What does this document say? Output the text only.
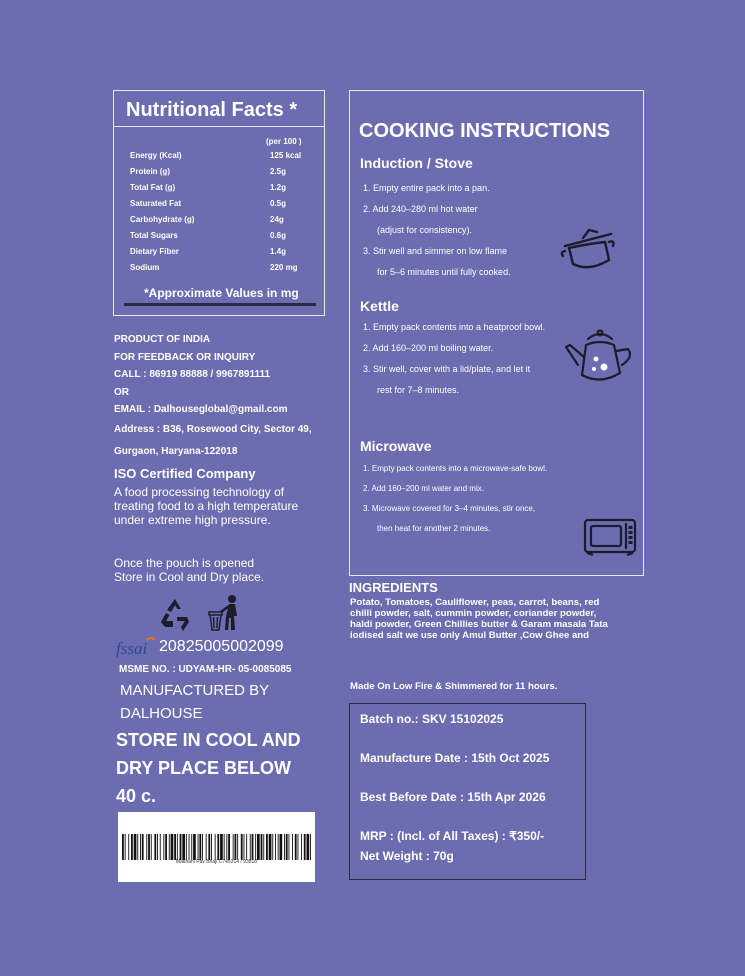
Nutritional Facts *
(per 100 )
Energy (Kcal)	125 kcal
Protein (g)	2.5g
Total Fat (g)	1.2g
Saturated Fat	0.5g
Carbohydrate (g)	24g
Total Sugars	0.6g
Dietary Fiber	1.4g
Sodium	220 mg
*Approximate Values in mg
PRODUCT OF INDIA
FOR FEEDBACK OR INQUIRY
CALL : 86919 88888 / 9967891111
OR
EMAIL : Dalhouseglobal@gmail.com
Address : B36, Rosewood City, Sector 49,
Gurgaon, Haryana-122018
ISO Certified Company
A food processing technology of treating food to a high temperature under extreme high pressure.
Once the pouch is opened
Store in Cool and Dry place.
fssai 20825005002099
MSME NO. : UDYAM-HR- 05-0085085
MANUFACTURED BY
DALHOUSE
STORE IN COOL AND
DRY PLACE BELOW
40 c.
Makhani Pav Bhaji C745314 / 93818
COOKING INSTRUCTIONS
Induction / Stove
1. Empty entire pack into a pan.
2. Add 240–280 ml hot water
(adjust for consistency).
3. Stir well and simmer on low flame
for 5–6 minutes until fully cooked.
Kettle
1. Empty pack contents into a heatproof bowl.
2. Add 160–200 ml boiling water.
3. Stir well, cover with a lid/plate, and let it
rest for 7–8 minutes.
Microwave
1. Empty pack contents into a microwave-safe bowl.
2. Add 160–200 ml water and mix.
3. Microwave covered for 3–4 minutes, stir once,
then heat for another 2 minutes.
INGREDIENTS
Potato, Tomatoes, Cauliflower, peas, carrot, beans, red chilli powder, salt, cummin powder, coriander powder, haldi powder, Green Chillies butter & Garam masala Tata iodised salt we use only Amul Butter ,Cow Ghee and
Made On Low Fire & Shimmered for 11 hours.
Batch no.: SKV 15102025
Manufacture Date : 15th Oct 2025
Best Before Date : 15th Apr 2026
MRP : (Incl. of All Taxes) : ₹350/-
Net Weight : 70g
